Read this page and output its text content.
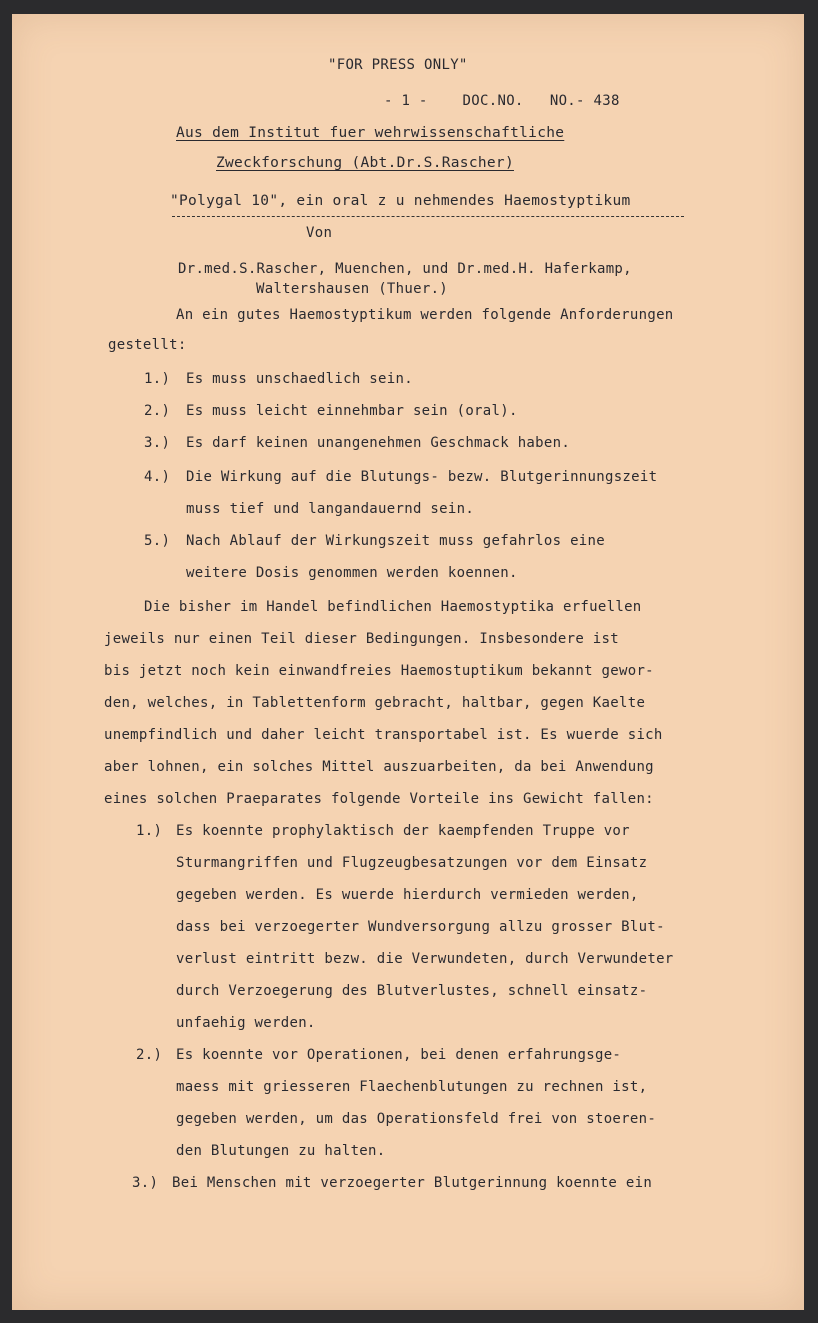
"FOR PRESS ONLY"
- 1 -    DOC.NO.   NO.- 438
Aus dem Institut fuer wehrwissenschaftliche
Zweckforschung (Abt.Dr.S.Rascher)
"Polygal 10", ein oral z u nehmendes Haemostyptikum
Von
Dr.med.S.Rascher, Muenchen, und Dr.med.H. Haferkamp,
Waltershausen (Thuer.)
An ein gutes Haemostyptikum werden folgende Anforderungen
gestellt:
1.) Es muss unschaedlich sein.
2.) Es muss leicht einnehmbar sein (oral).
3.) Es darf keinen unangenehmen Geschmack haben.
4.) Die Wirkung auf die Blutungs- bezw. Blutgerinnungszeit
muss tief und langandauernd sein.
5.) Nach Ablauf der Wirkungszeit muss gefahrlos eine
weitere Dosis genommen werden koennen.
Die bisher im Handel befindlichen Haemostyptika erfuellen
jeweils nur einen Teil dieser Bedingungen. Insbesondere ist
bis jetzt noch kein einwandfreies Haemostuptikum bekannt gewor-
den, welches, in Tablettenform gebracht, haltbar, gegen Kaelte
unempfindlich und daher leicht transportabel ist. Es wuerde sich
aber lohnen, ein solches Mittel auszuarbeiten, da bei Anwendung
eines solchen Praeparates folgende Vorteile ins Gewicht fallen:
1.) Es koennte prophylaktisch der kaempfenden Truppe vor
Sturmangriffen und Flugzeugbesatzungen vor dem Einsatz
gegeben werden. Es wuerde hierdurch vermieden werden,
dass bei verzoegerter Wundversorgung allzu grosser Blut-
verlust eintritt bezw. die Verwundeten, durch Verwundeter
durch Verzoegerung des Blutverlustes, schnell einsatz-
unfaehig werden.
2.) Es koennte vor Operationen, bei denen erfahrungsge-
maess mit griesseren Flaechenblutungen zu rechnen ist,
gegeben werden, um das Operationsfeld frei von stoeren-
den Blutungen zu halten.
3.) Bei Menschen mit verzoegerter Blutgerinnung koennte ein
